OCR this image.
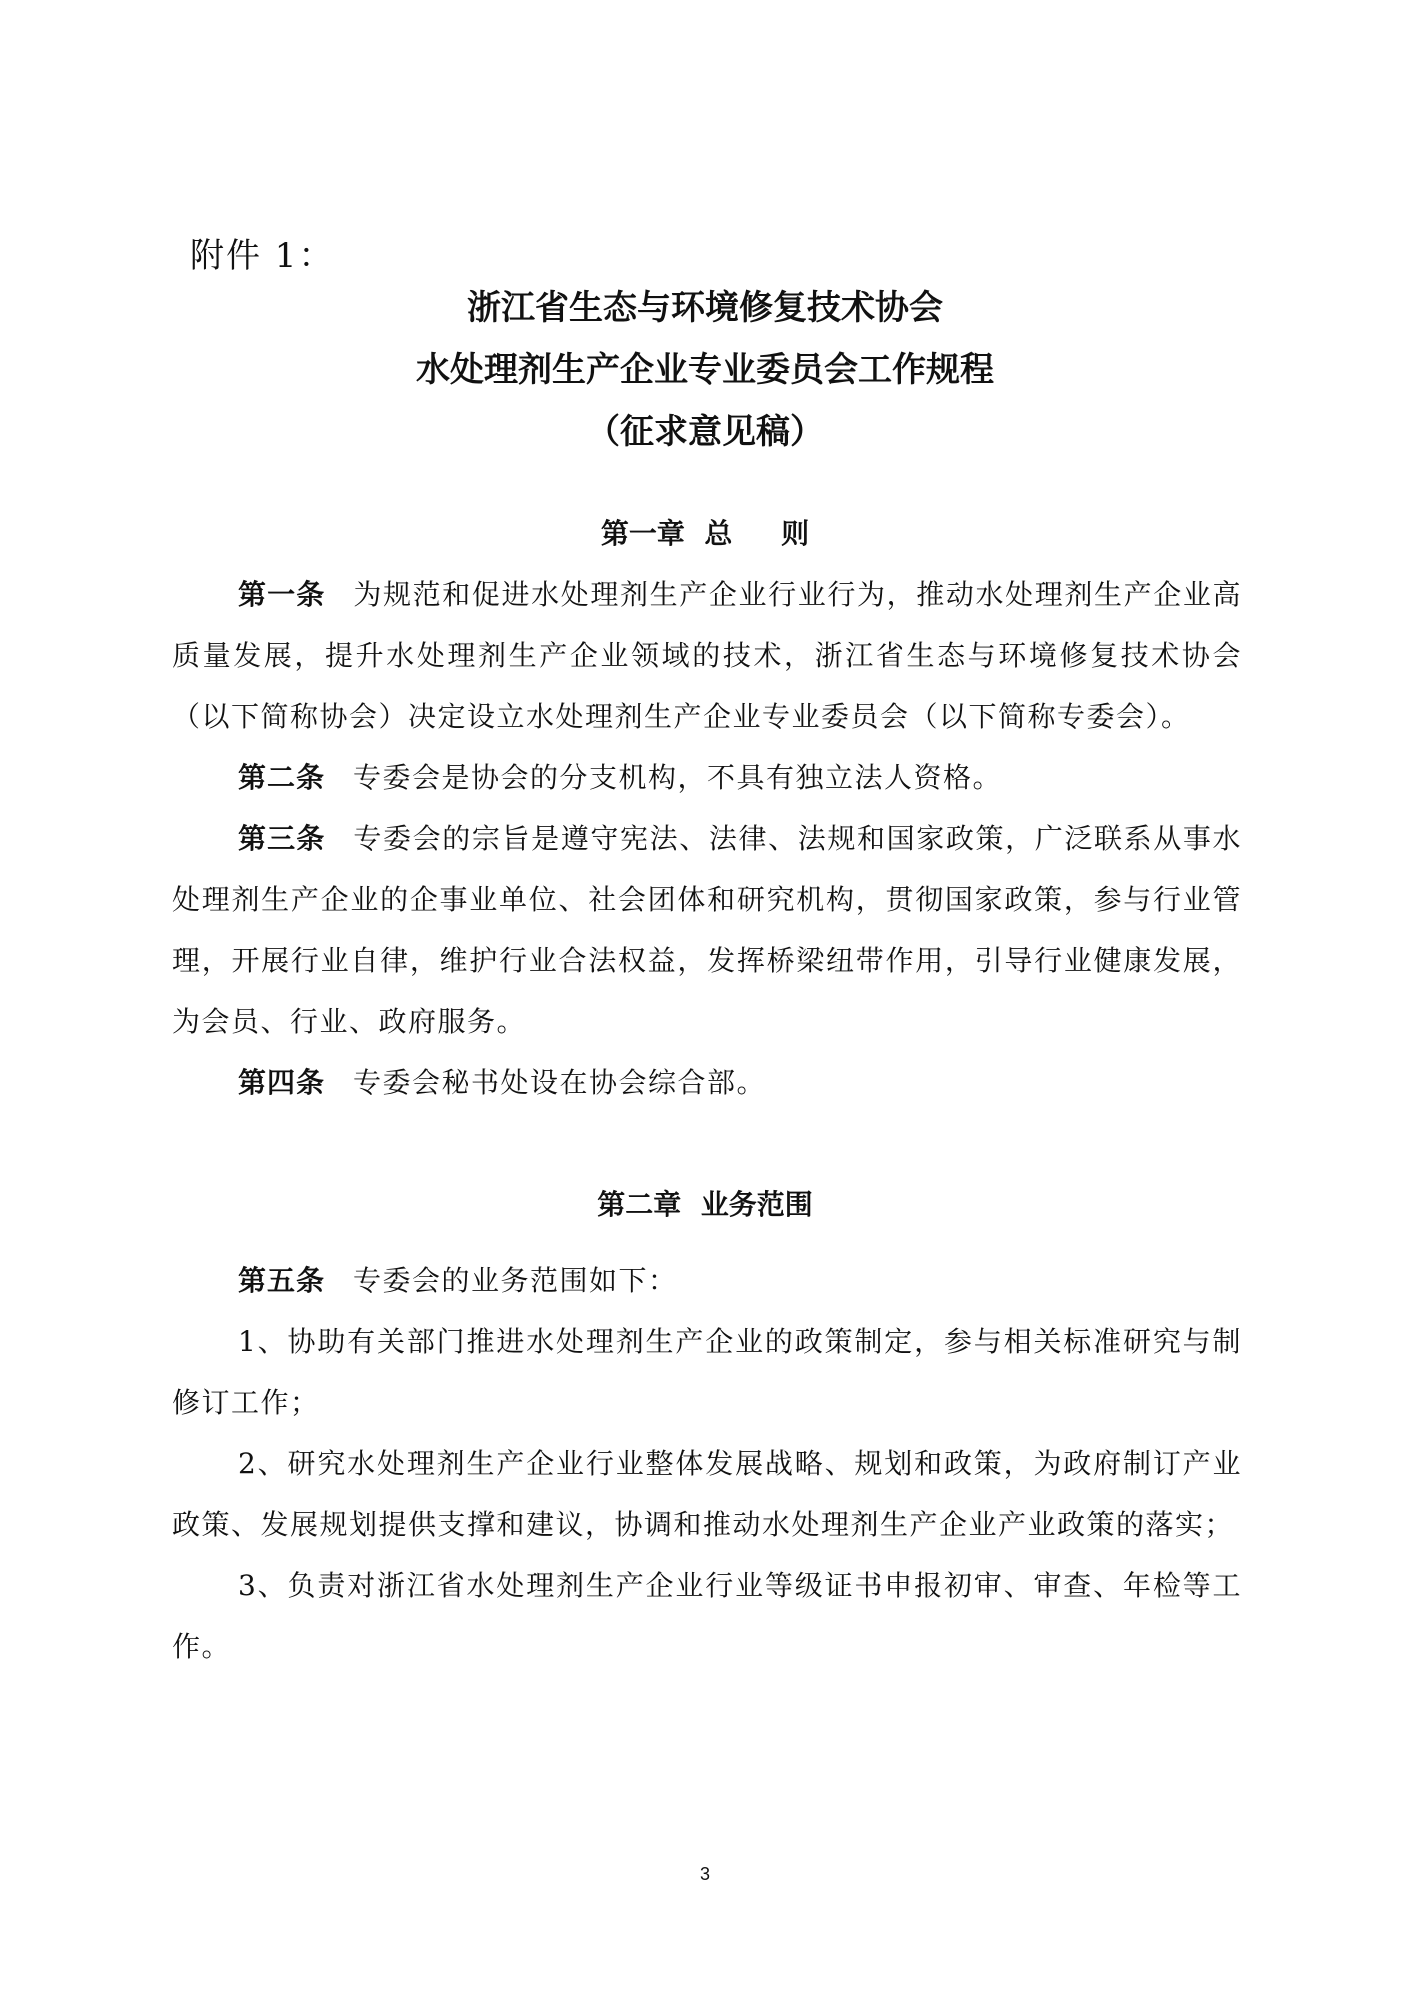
附件 1：
浙江省生态与环境修复技术协会
水处理剂生产企业专业委员会工作规程
（征求意见稿）
第一章  总     则

第一条 为规范和促进水处理剂生产企业行业行为，推动水处理剂生产企业高质量发展，提升水处理剂生产企业领域的技术，浙江省生态与环境修复技术协会（以下简称协会）决定设立水处理剂生产企业专业委员会（以下简称专委会）。

第二条 专委会是协会的分支机构，不具有独立法人资格。

第三条 专委会的宗旨是遵守宪法、法律、法规和国家政策，广泛联系从事水处理剂生产企业的企事业单位、社会团体和研究机构，贯彻国家政策，参与行业管理，开展行业自律，维护行业合法权益，发挥桥梁纽带作用，引导行业健康发展，为会员、行业、政府服务。

第四条 专委会秘书处设在协会综合部。

第二章  业务范围

第五条 专委会的业务范围如下：

1、协助有关部门推进水处理剂生产企业的政策制定，参与相关标准研究与制修订工作；

2、研究水处理剂生产企业行业整体发展战略、规划和政策，为政府制订产业政策、发展规划提供支撑和建议，协调和推动水处理剂生产企业产业政策的落实；

3、负责对浙江省水处理剂生产企业行业等级证书申报初审、审查、年检等工作。

3
